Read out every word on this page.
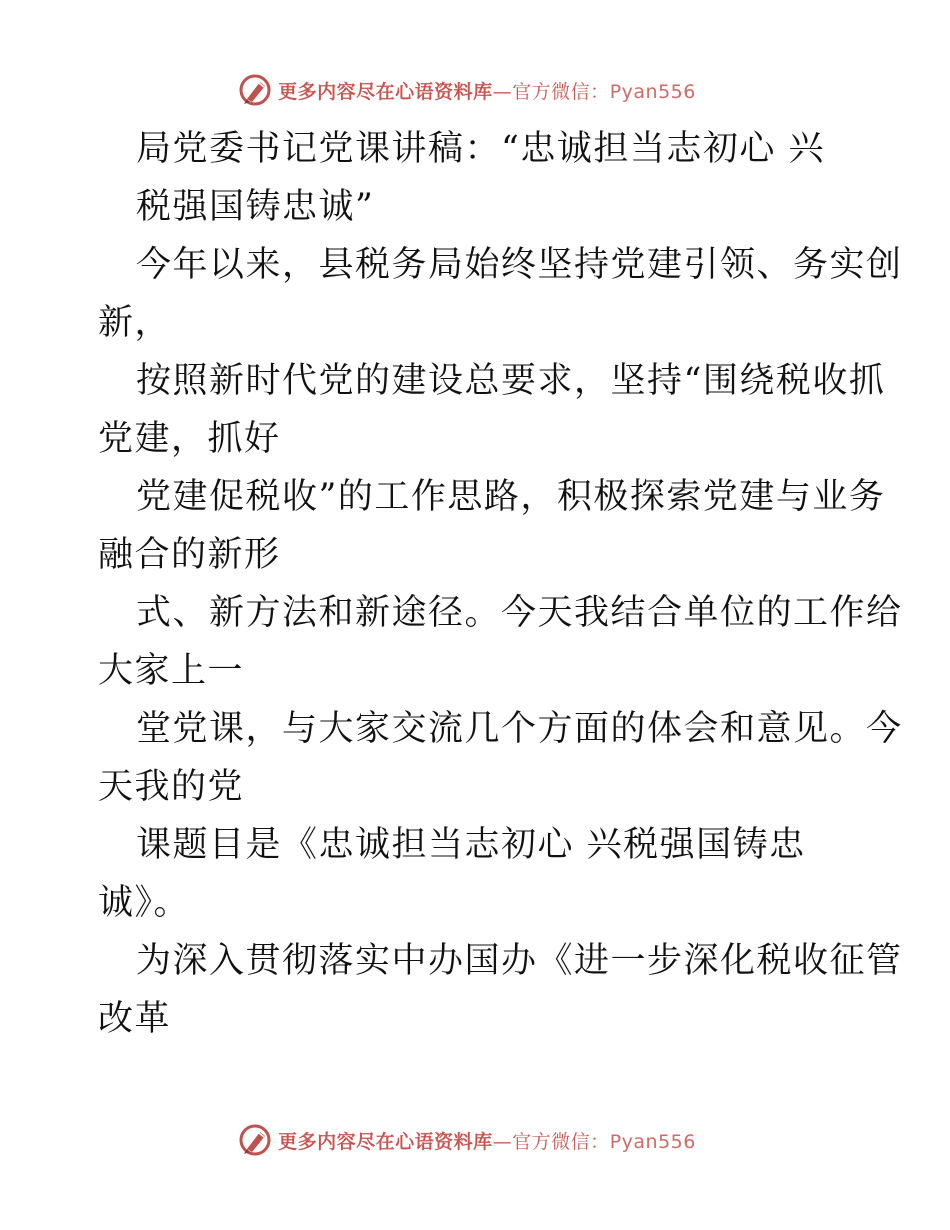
更多内容尽在心语资料库—官方微信：Pyan556
局党委书记党课讲稿：“忠诚担当志初心 兴
税强国铸忠诚”
今年以来，县税务局始终坚持党建引领、务实创
新，
按照新时代党的建设总要求，坚持“围绕税收抓
党建，抓好
党建促税收”的工作思路，积极探索党建与业务
融合的新形
式、新方法和新途径。今天我结合单位的工作给
大家上一
堂党课，与大家交流几个方面的体会和意见。今
天我的党
课题目是《忠诚担当志初心 兴税强国铸忠
诚》。
为深入贯彻落实中办国办《进一步深化税收征管
改革
更多内容尽在心语资料库—官方微信：Pyan556
